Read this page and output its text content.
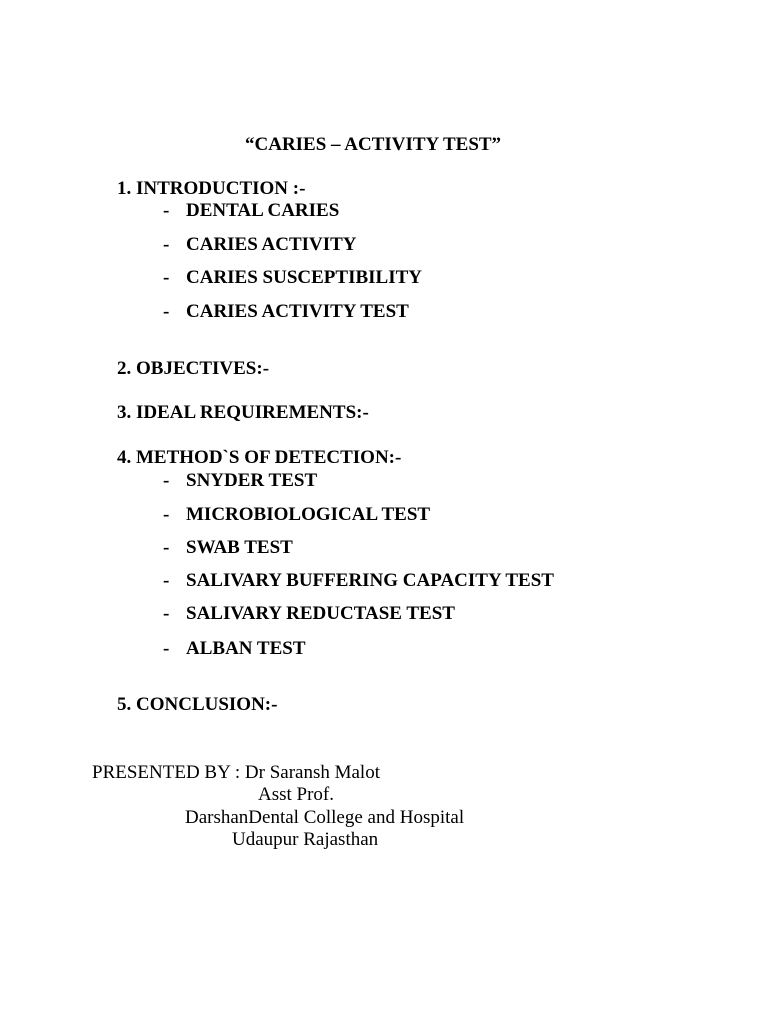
“CARIES – ACTIVITY TEST”
1. INTRODUCTION :-
- DENTAL CARIES
- CARIES ACTIVITY
- CARIES SUSCEPTIBILITY
- CARIES ACTIVITY TEST
2. OBJECTIVES:-
3. IDEAL REQUIREMENTS:-
4. METHOD`S OF DETECTION:-
- SNYDER TEST
- MICROBIOLOGICAL TEST
- SWAB TEST
- SALIVARY BUFFERING CAPACITY TEST
- SALIVARY REDUCTASE TEST
- ALBAN TEST
5. CONCLUSION:-
PRESENTED BY : Dr Saransh Malot
Asst Prof.
DarshanDental College and Hospital
Udaupur Rajasthan
